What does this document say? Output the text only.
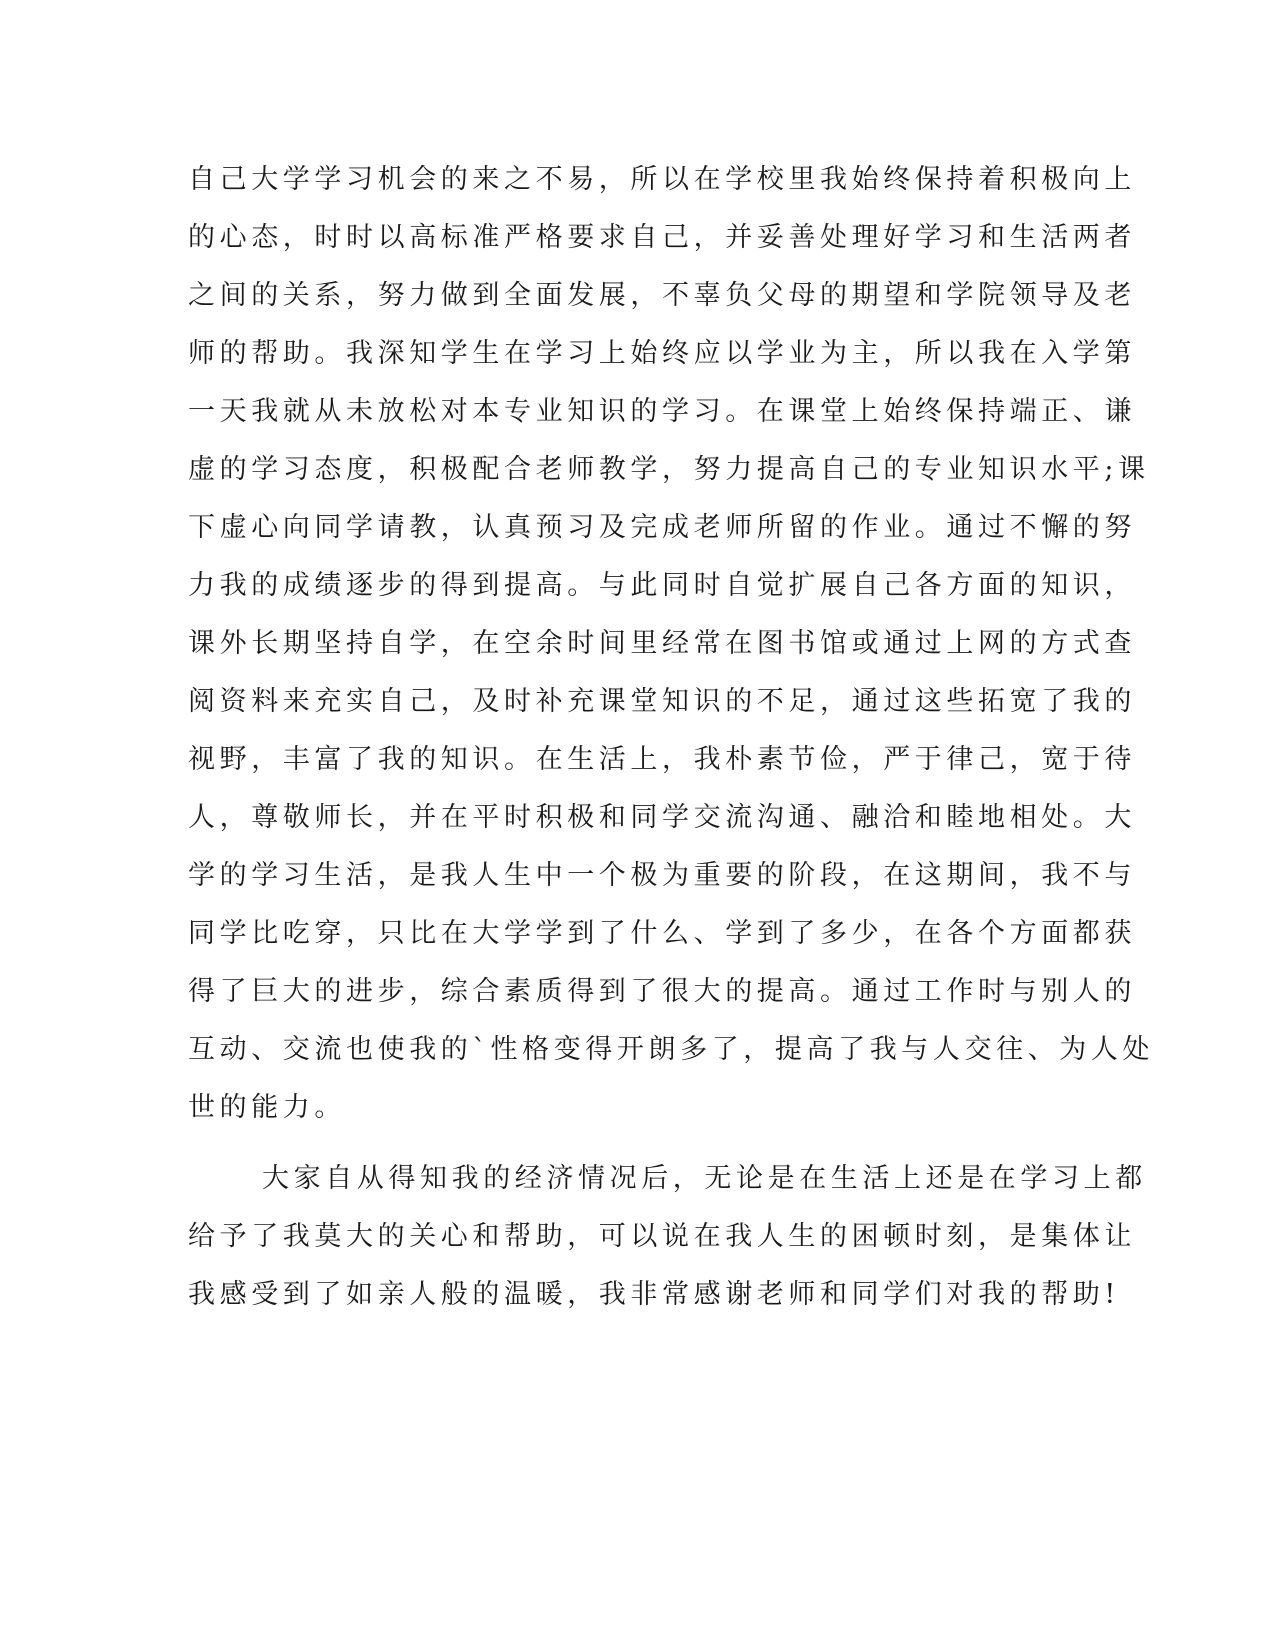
自己大学学习机会的来之不易，所以在学校里我始终保持着积极向上

的心态，时时以高标准严格要求自己，并妥善处理好学习和生活两者

之间的关系，努力做到全面发展，不辜负父母的期望和学院领导及老

师的帮助。我深知学生在学习上始终应以学业为主，所以我在入学第

一天我就从未放松对本专业知识的学习。在课堂上始终保持端正、谦

虚的学习态度，积极配合老师教学，努力提高自己的专业知识水平;课

下虚心向同学请教，认真预习及完成老师所留的作业。通过不懈的努

力我的成绩逐步的得到提高。与此同时自觉扩展自己各方面的知识，

课外长期坚持自学，在空余时间里经常在图书馆或通过上网的方式查

阅资料来充实自己，及时补充课堂知识的不足，通过这些拓宽了我的

视野，丰富了我的知识。在生活上，我朴素节俭，严于律己，宽于待

人，尊敬师长，并在平时积极和同学交流沟通、融洽和睦地相处。大

学的学习生活，是我人生中一个极为重要的阶段，在这期间，我不与

同学比吃穿，只比在大学学到了什么、学到了多少，在各个方面都获

得了巨大的进步，综合素质得到了很大的提高。通过工作时与别人的

互动、交流也使我的`性格变得开朗多了，提高了我与人交往、为人处

世的能力。

大家自从得知我的经济情况后，无论是在生活上还是在学习上都

给予了我莫大的关心和帮助，可以说在我人生的困顿时刻，是集体让

我感受到了如亲人般的温暖，我非常感谢老师和同学们对我的帮助!
